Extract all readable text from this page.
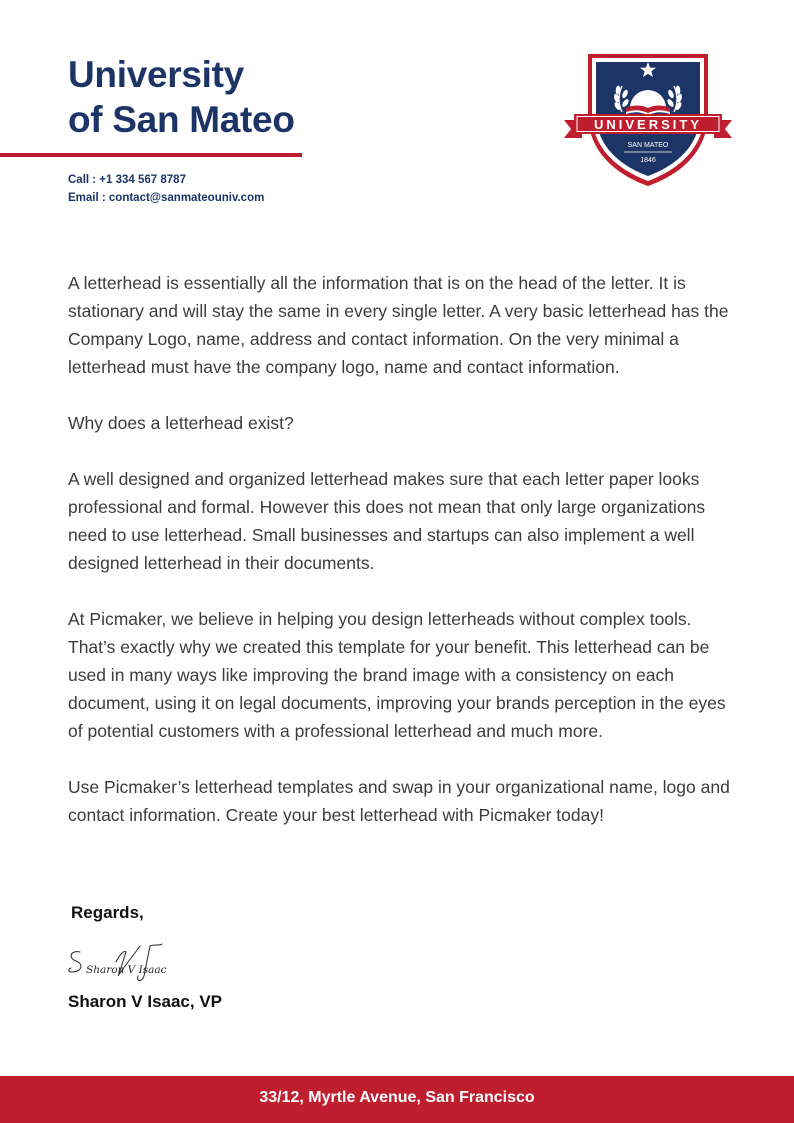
University
of San Mateo
Call : +1 334 567 8787
Email : contact@sanmateouniv.com
UNIVERSITY
SAN MATEO
1846

A letterhead is essentially all the information that is on the head of the letter. It is stationary and will stay the same in every single letter. A very basic letterhead has the Company Logo, name, address and contact information. On the very minimal a letterhead must have the company logo, name and contact information.

Why does a letterhead exist?

A well designed and organized letterhead makes sure that each letter paper looks professional and formal. However this does not mean that only large organizations need to use letterhead. Small businesses and startups can also implement a well designed letterhead in their documents.

At Picmaker, we believe in helping you design letterheads without complex tools. That’s exactly why we created this template for your benefit. This letterhead can be used in many ways like improving the brand image with a consistency on each document, using it on legal documents, improving your brands perception in the eyes of potential customers with a professional letterhead and much more.

Use Picmaker’s letterhead templates and swap in your organizational name, logo and contact information. Create your best letterhead with Picmaker today!

Regards,
Sharon V Isaac
Sharon V Isaac, VP
33/12, Myrtle Avenue, San Francisco
